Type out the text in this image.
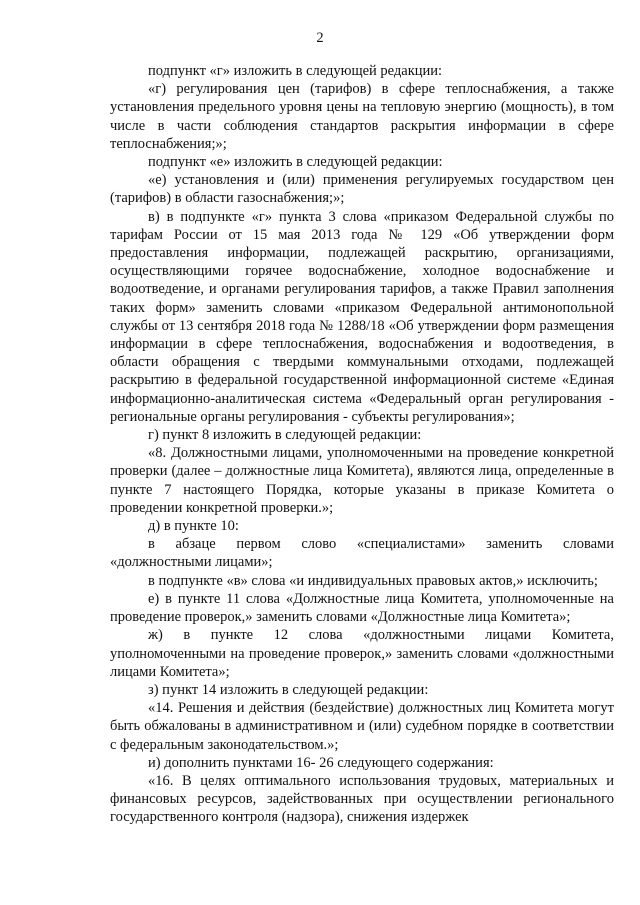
2

подпункт «г» изложить в следующей редакции:

«г) регулирования цен (тарифов) в сфере теплоснабжения, а также установления предельного уровня цены на тепловую энергию (мощность), в том числе в части соблюдения стандартов раскрытия информации в сфере теплоснабжения;»;

подпункт «е» изложить в следующей редакции:

«е) установления и (или) применения регулируемых государством цен (тарифов) в области газоснабжения;»;

в) в подпункте «г» пункта 3 слова «приказом Федеральной службы по тарифам России от 15 мая 2013 года № 129 «Об утверждении форм предоставления информации, подлежащей раскрытию, организациями, осуществляющими горячее водоснабжение, холодное водоснабжение и водоотведение, и органами регулирования тарифов, а также Правил заполнения таких форм» заменить словами «приказом Федеральной антимонопольной службы от 13 сентября 2018 года № 1288/18 «Об утверждении форм размещения информации в сфере теплоснабжения, водоснабжения и водоотведения, в области обращения с твердыми коммунальными отходами, подлежащей раскрытию в федеральной государственной информационной системе «Единая информационно-аналитическая система «Федеральный орган регулирования - региональные органы регулирования - субъекты регулирования»;

г) пункт 8 изложить в следующей редакции:

«8. Должностными лицами, уполномоченными на проведение конкретной проверки (далее – должностные лица Комитета), являются лица, определенные в пункте 7 настоящего Порядка, которые указаны в приказе Комитета о проведении конкретной проверки.»;

д) в пункте 10:

в абзаце первом слово «специалистами» заменить словами «должностными лицами»;

в подпункте «в» слова «и индивидуальных правовых актов,» исключить;

е) в пункте 11 слова «Должностные лица Комитета, уполномоченные на проведение проверок,» заменить словами «Должностные лица Комитета»;

ж) в пункте 12 слова «должностными лицами Комитета, уполномоченными на проведение проверок,» заменить словами «должностными лицами Комитета»;

з) пункт 14 изложить в следующей редакции:

«14. Решения и действия (бездействие) должностных лиц Комитета могут быть обжалованы в административном и (или) судебном порядке в соответствии с федеральным законодательством.»;

и) дополнить пунктами 16- 26 следующего содержания:

«16. В целях оптимального использования трудовых, материальных и финансовых ресурсов, задействованных при осуществлении регионального государственного контроля (надзора), снижения издержек
